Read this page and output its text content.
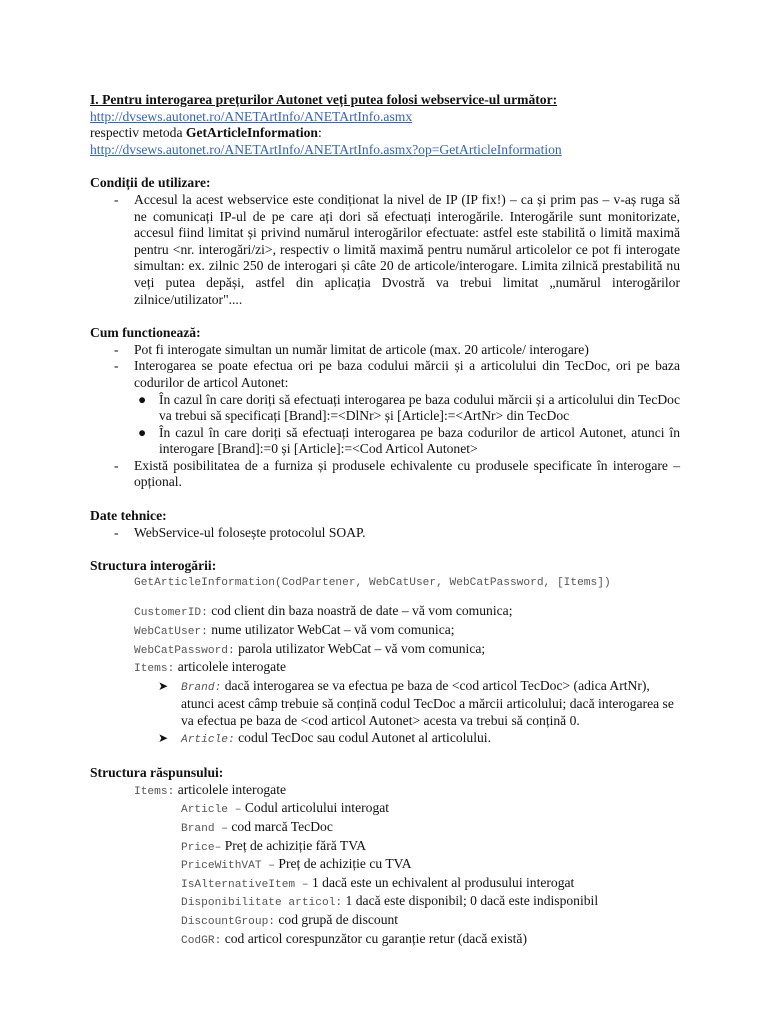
I. Pentru interogarea prețurilor Autonet veți putea folosi webservice-ul următor:
http://dvsews.autonet.ro/ANETArtInfo/ANETArtInfo.asmx
respectiv metoda GetArticleInformation:
http://dvsews.autonet.ro/ANETArtInfo/ANETArtInfo.asmx?op=GetArticleInformation
Condiții de utilizare:
- Accesul la acest webservice este condiționat la nivel de IP (IP fix!) – ca și prim pas – v-aș ruga să ne comunicați IP-ul de pe care ați dori să efectuați interogările. Interogările sunt monitorizate, accesul fiind limitat și privind numărul interogărilor efectuate: astfel este stabilită o limită maximă pentru <nr. interogări/zi>, respectiv o limită maximă pentru numărul articolelor ce pot fi interogate simultan: ex. zilnic 250 de interogari și câte 20 de articole/interogare. Limita zilnică prestabilită nu veți putea depăși, astfel din aplicația Dvostră va trebui limitat „numărul interogărilor zilnice/utilizator"....
Cum functionează:
- Pot fi interogate simultan un număr limitat de articole (max. 20 articole/ interogare)
- Interogarea se poate efectua ori pe baza codului mărcii și a articolului din TecDoc, ori pe baza codurilor de articol Autonet:
● În cazul în care doriți să efectuați interogarea pe baza codului mărcii și a articolului din TecDoc va trebui să specificați [Brand]:=<DlNr> și [Article]:=<ArtNr> din TecDoc
● În cazul în care doriți să efectuați interogarea pe baza codurilor de articol Autonet, atunci în interogare [Brand]:=0 și [Article]:=<Cod Articol Autonet>
- Există posibilitatea de a furniza și produsele echivalente cu produsele specificate în interogare – opțional.
Date tehnice:
- WebService-ul folosește protocolul SOAP.
Structura interogării:
GetArticleInformation(CodPartener, WebCatUser, WebCatPassword, [Items])
CustomerID: cod client din baza noastră de date – vă vom comunica;
WebCatUser: nume utilizator WebCat – vă vom comunica;
WebCatPassword: parola utilizator WebCat – vă vom comunica;
Items: articolele interogate
➤ Brand: dacă interogarea se va efectua pe baza de <cod articol TecDoc> (adica ArtNr), atunci acest câmp trebuie să conțină codul TecDoc a mărcii articolului; dacă interogarea se va efectua pe baza de <cod articol Autonet> acesta va trebui să conțină 0.
➤ Article: codul TecDoc sau codul Autonet al articolului.
Structura răspunsului:
Items: articolele interogate
Article – Codul articolului interogat
Brand – cod marcă TecDoc
Price– Preț de achiziție fără TVA
PriceWithVAT – Preț de achiziție cu TVA
IsAlternativeItem – 1 dacă este un echivalent al produsului interogat
Disponibilitate articol: 1 dacă este disponibil; 0 dacă este indisponibil
DiscountGroup: cod grupă de discount
CodGR: cod articol corespunzător cu garanție retur (dacă există)
